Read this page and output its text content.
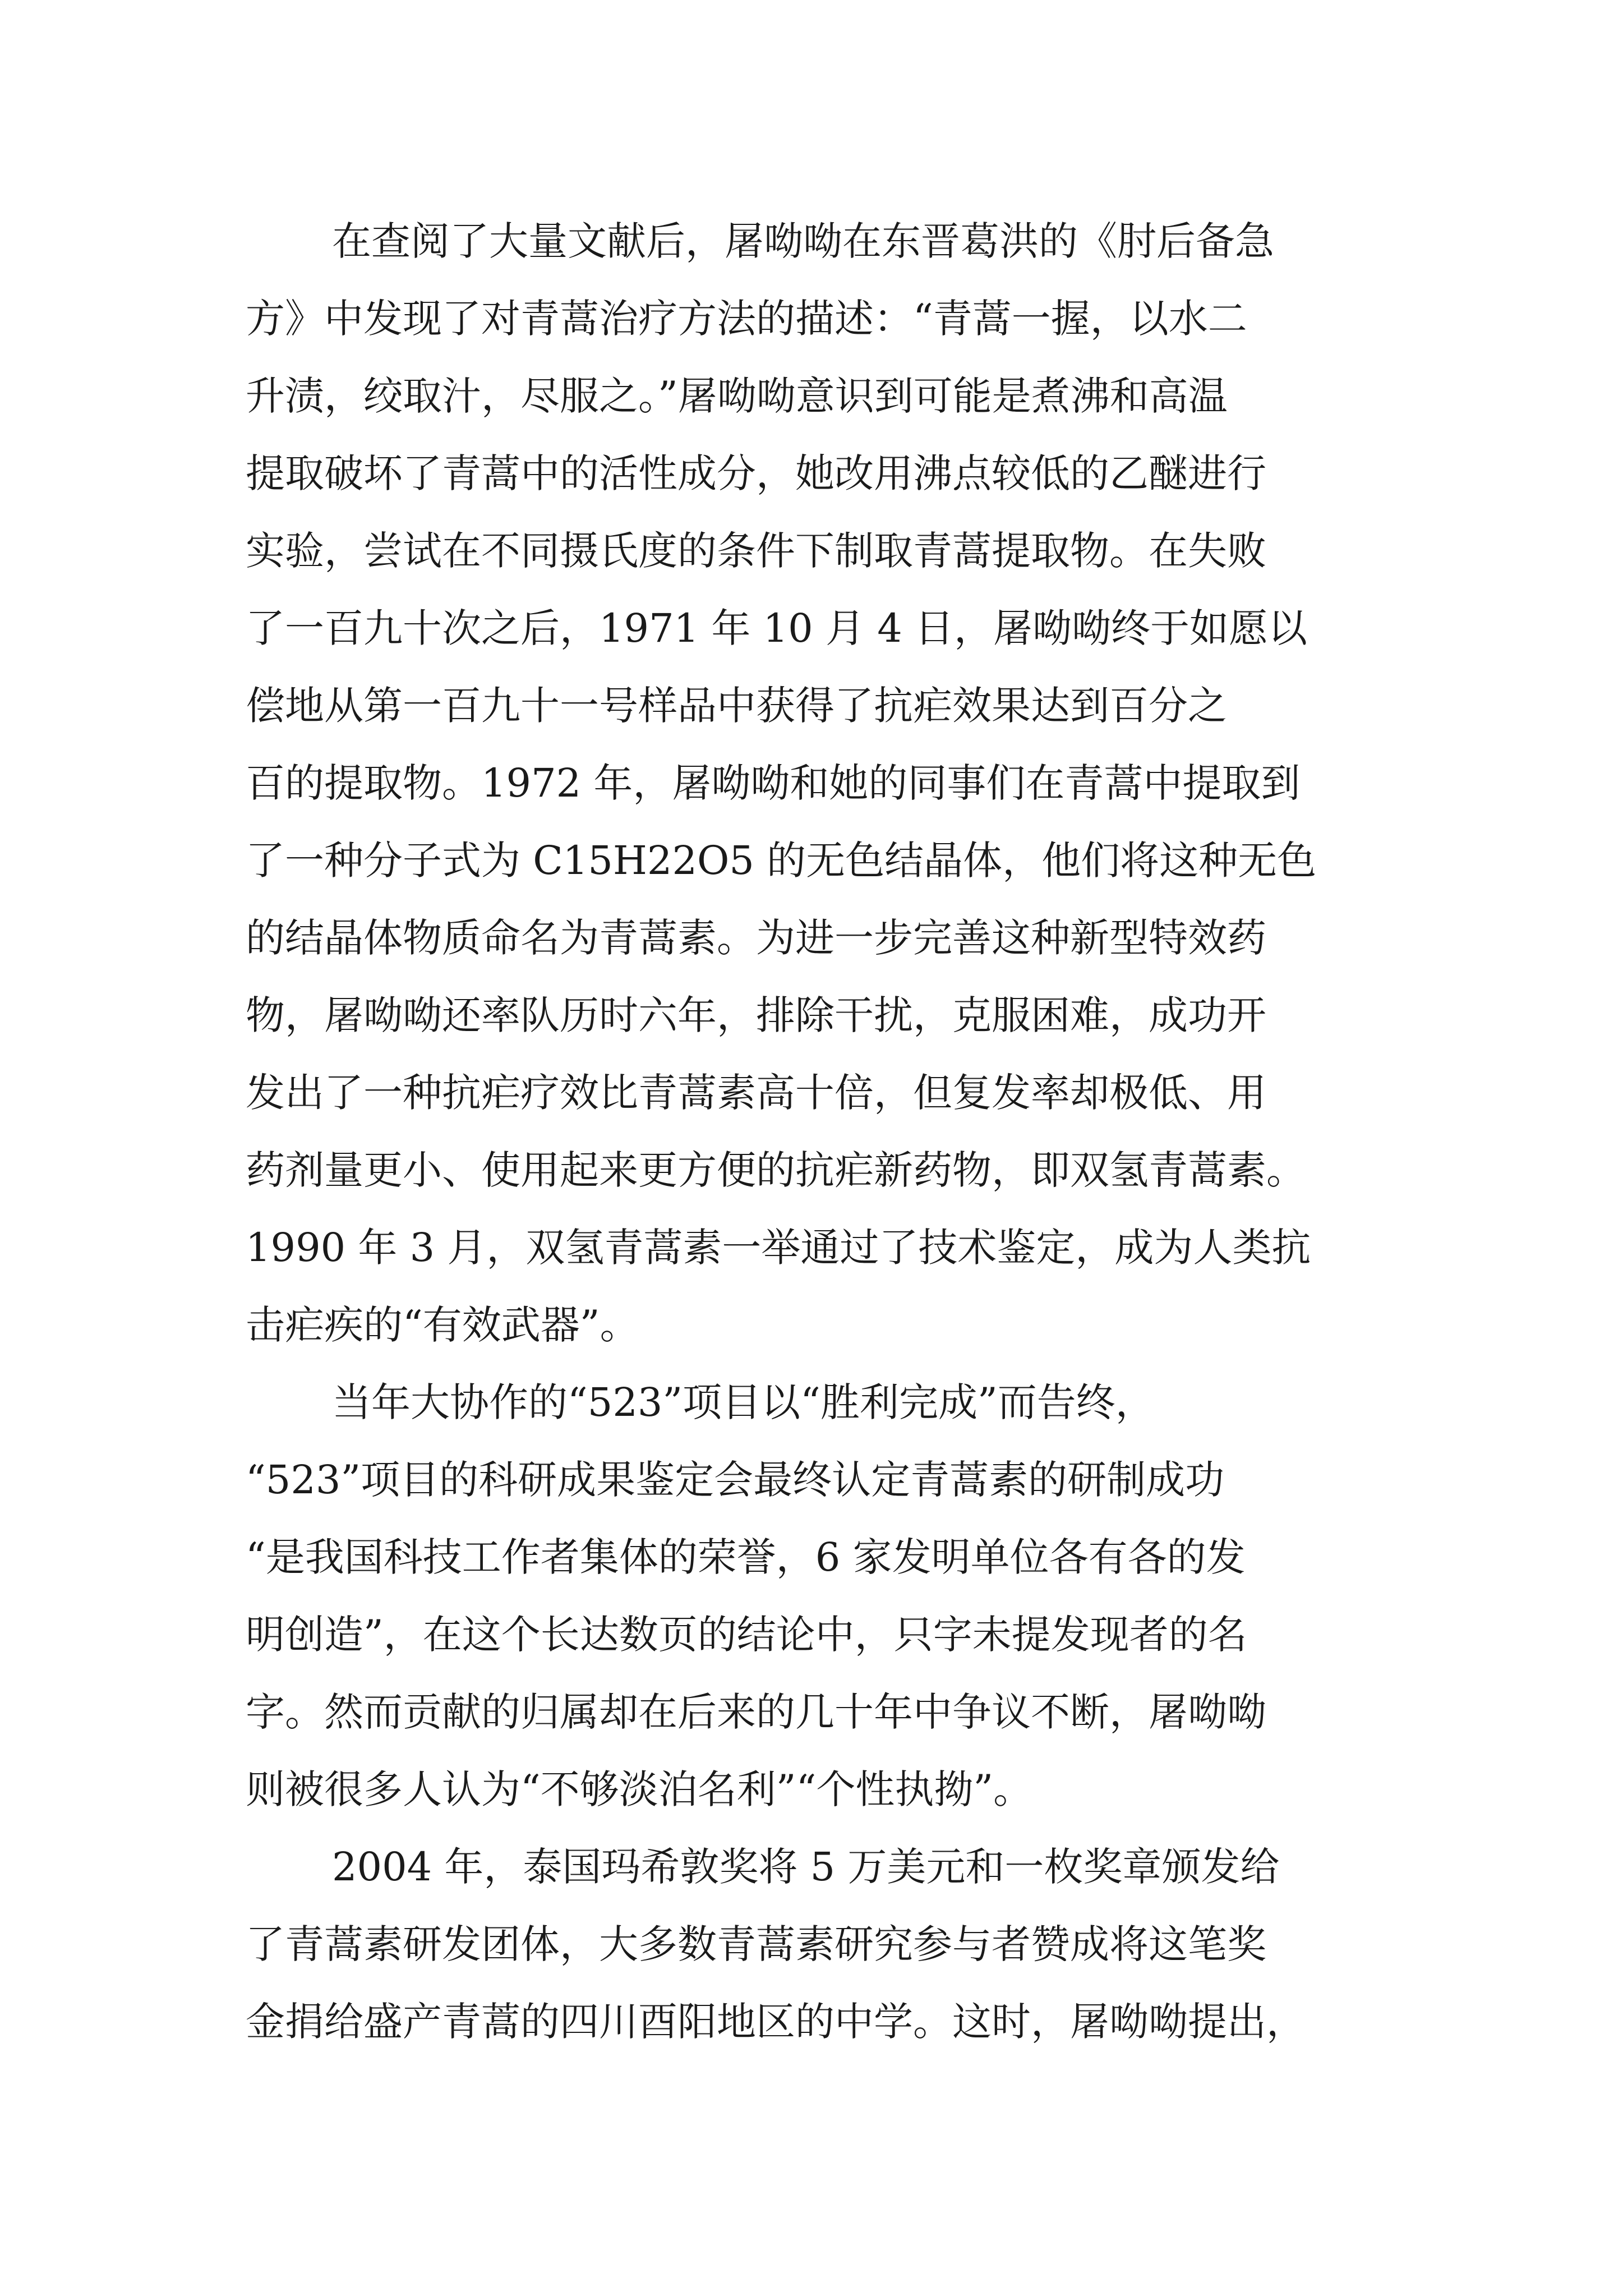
在查阅了大量文献后，屠呦呦在东晋葛洪的《肘后备急
方》中发现了对青蒿治疗方法的描述：“青蒿一握，以水二
升渍，绞取汁，尽服之。”屠呦呦意识到可能是煮沸和高温
提取破坏了青蒿中的活性成分，她改用沸点较低的乙醚进行
实验，尝试在不同摄氏度的条件下制取青蒿提取物。在失败
了一百九十次之后，1971 年 10 月 4 日，屠呦呦终于如愿以
偿地从第一百九十一号样品中获得了抗疟效果达到百分之
百的提取物。1972 年，屠呦呦和她的同事们在青蒿中提取到
了一种分子式为 C15H22O5 的无色结晶体，他们将这种无色
的结晶体物质命名为青蒿素。为进一步完善这种新型特效药
物，屠呦呦还率队历时六年，排除干扰，克服困难，成功开
发出了一种抗疟疗效比青蒿素高十倍，但复发率却极低、用
药剂量更小、使用起来更方便的抗疟新药物，即双氢青蒿素。
1990 年 3 月，双氢青蒿素一举通过了技术鉴定，成为人类抗
击疟疾的“有效武器”。
当年大协作的“523”项目以“胜利完成”而告终，
“523”项目的科研成果鉴定会最终认定青蒿素的研制成功
“是我国科技工作者集体的荣誉，6 家发明单位各有各的发
明创造”，在这个长达数页的结论中，只字未提发现者的名
字。然而贡献的归属却在后来的几十年中争议不断，屠呦呦
则被很多人认为“不够淡泊名利”“个性执拗”。
2004 年，泰国玛希敦奖将 5 万美元和一枚奖章颁发给
了青蒿素研发团体，大多数青蒿素研究参与者赞成将这笔奖
金捐给盛产青蒿的四川酉阳地区的中学。这时，屠呦呦提出，
